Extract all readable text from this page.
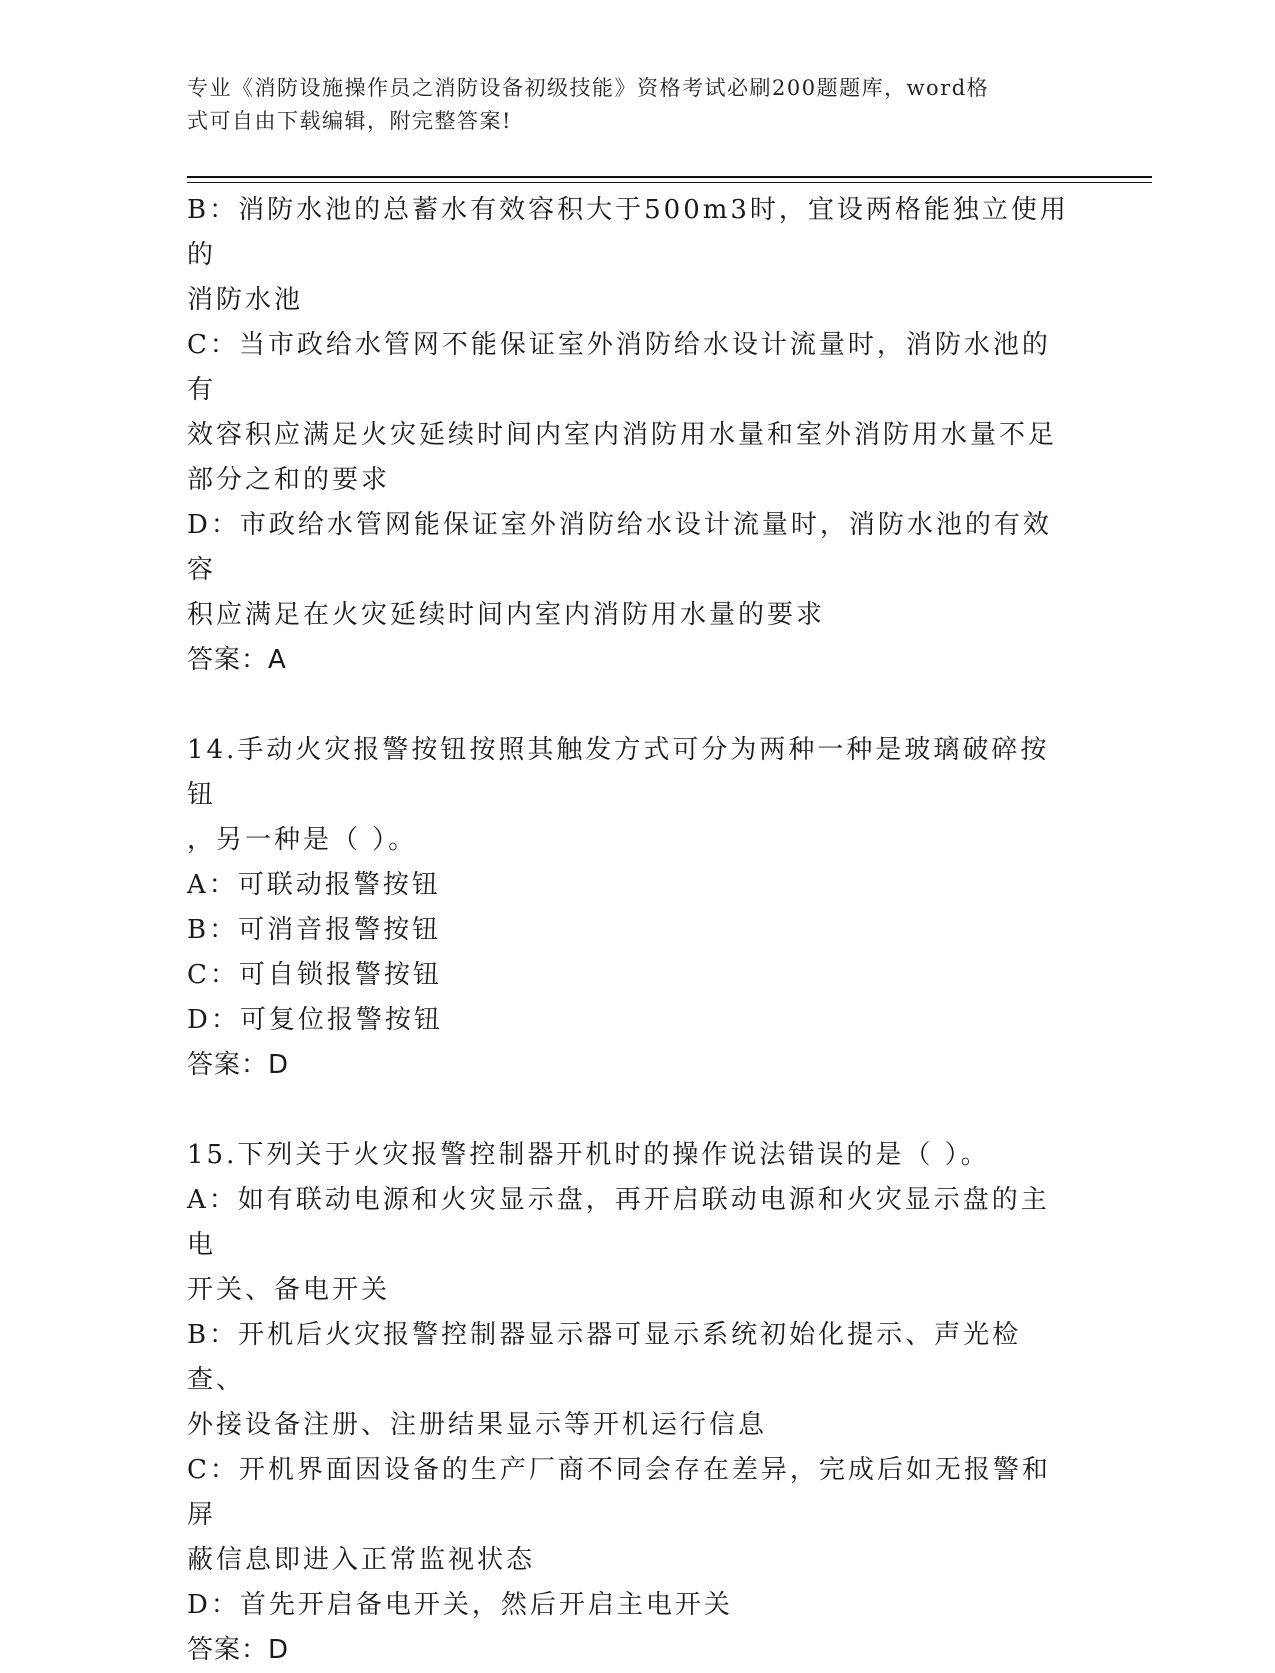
专业《消防设施操作员之消防设备初级技能》资格考试必刷200题题库，word格
式可自由下载编辑，附完整答案!
B：消防水池的总蓄水有效容积大于500m3时，宜设两格能独立使用的
消防水池
C：当市政给水管网不能保证室外消防给水设计流量时，消防水池的有
效容积应满足火灾延续时间内室内消防用水量和室外消防用水量不足
部分之和的要求
D：市政给水管网能保证室外消防给水设计流量时，消防水池的有效容
积应满足在火灾延续时间内室内消防用水量的要求
答案：A
14.手动火灾报警按钮按照其触发方式可分为两种一种是玻璃破碎按钮
，另一种是（ ）。
A：可联动报警按钮
B：可消音报警按钮
C：可自锁报警按钮
D：可复位报警按钮
答案：D
15.下列关于火灾报警控制器开机时的操作说法错误的是（ ）。
A：如有联动电源和火灾显示盘，再开启联动电源和火灾显示盘的主电
开关、备电开关
B：开机后火灾报警控制器显示器可显示系统初始化提示、声光检查、
外接设备注册、注册结果显示等开机运行信息
C：开机界面因设备的生产厂商不同会存在差异，完成后如无报警和屏
蔽信息即进入正常监视状态
D：首先开启备电开关，然后开启主电开关
答案：D
